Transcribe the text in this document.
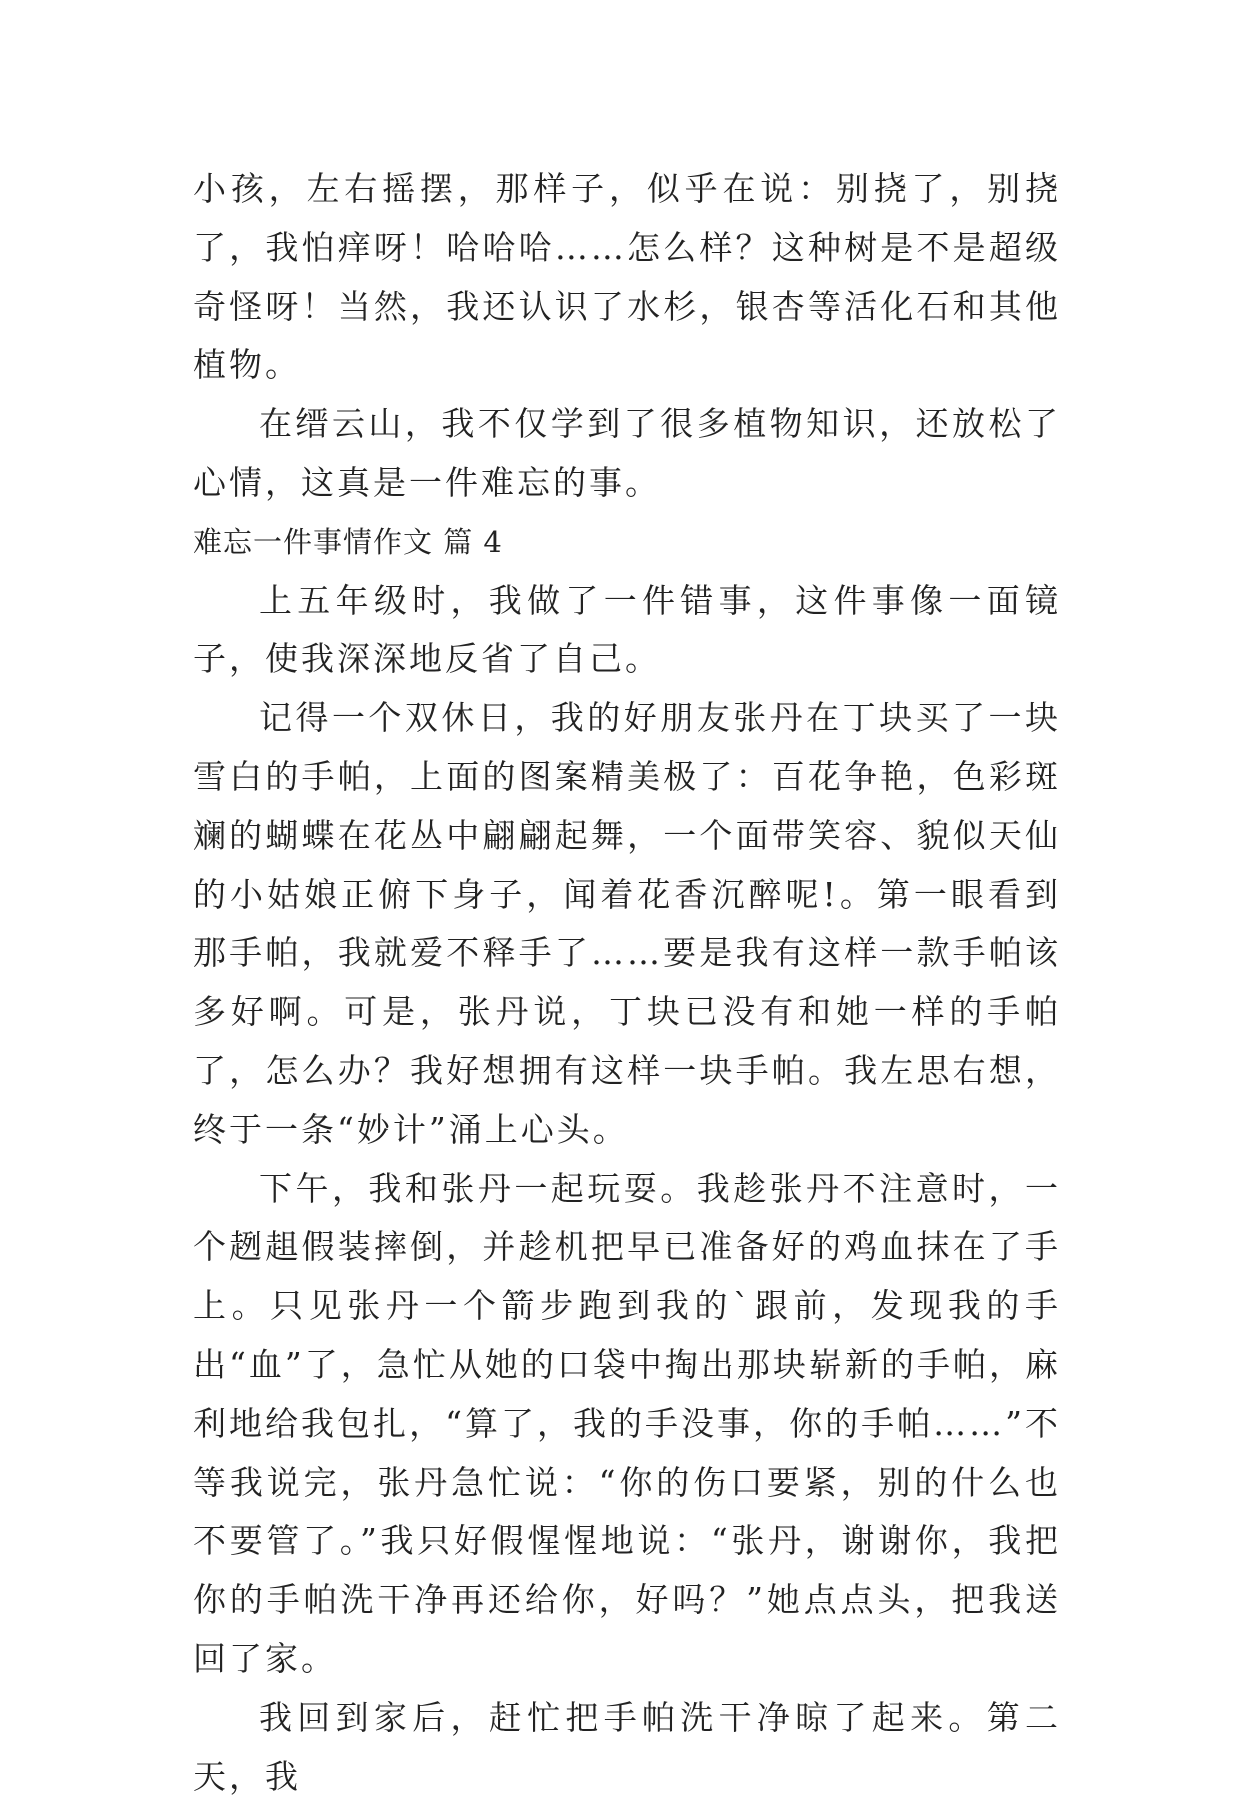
小孩，左右摇摆，那样子，似乎在说：别挠了，别挠了，我怕痒呀！哈哈哈……怎么样？这种树是不是超级奇怪呀！当然，我还认识了水杉，银杏等活化石和其他植物。

在缙云山，我不仅学到了很多植物知识，还放松了心情，这真是一件难忘的事。

难忘一件事情作文 篇 4

上五年级时，我做了一件错事，这件事像一面镜子，使我深深地反省了自己。

记得一个双休日，我的好朋友张丹在丁块买了一块雪白的手帕，上面的图案精美极了：百花争艳，色彩斑斓的蝴蝶在花丛中翩翩起舞，一个面带笑容、貌似天仙的小姑娘正俯下身子，闻着花香沉醉呢!。第一眼看到那手帕，我就爱不释手了……要是我有这样一款手帕该多好啊。可是，张丹说，丁块已没有和她一样的手帕了，怎么办？我好想拥有这样一块手帕。我左思右想，终于一条“妙计”涌上心头。

下午，我和张丹一起玩耍。我趁张丹不注意时，一个趔趄假装摔倒，并趁机把早已准备好的鸡血抹在了手上。只见张丹一个箭步跑到我的`跟前，发现我的手出“血”了，急忙从她的口袋中掏出那块崭新的手帕，麻利地给我包扎，“算了，我的手没事，你的手帕……”不等我说完，张丹急忙说：“你的伤口要紧，别的什么也不要管了。”我只好假惺惺地说：“张丹，谢谢你，我把你的手帕洗干净再还给你，好吗？”她点点头，把我送回了家。

我回到家后，赶忙把手帕洗干净晾了起来。第二天，我
